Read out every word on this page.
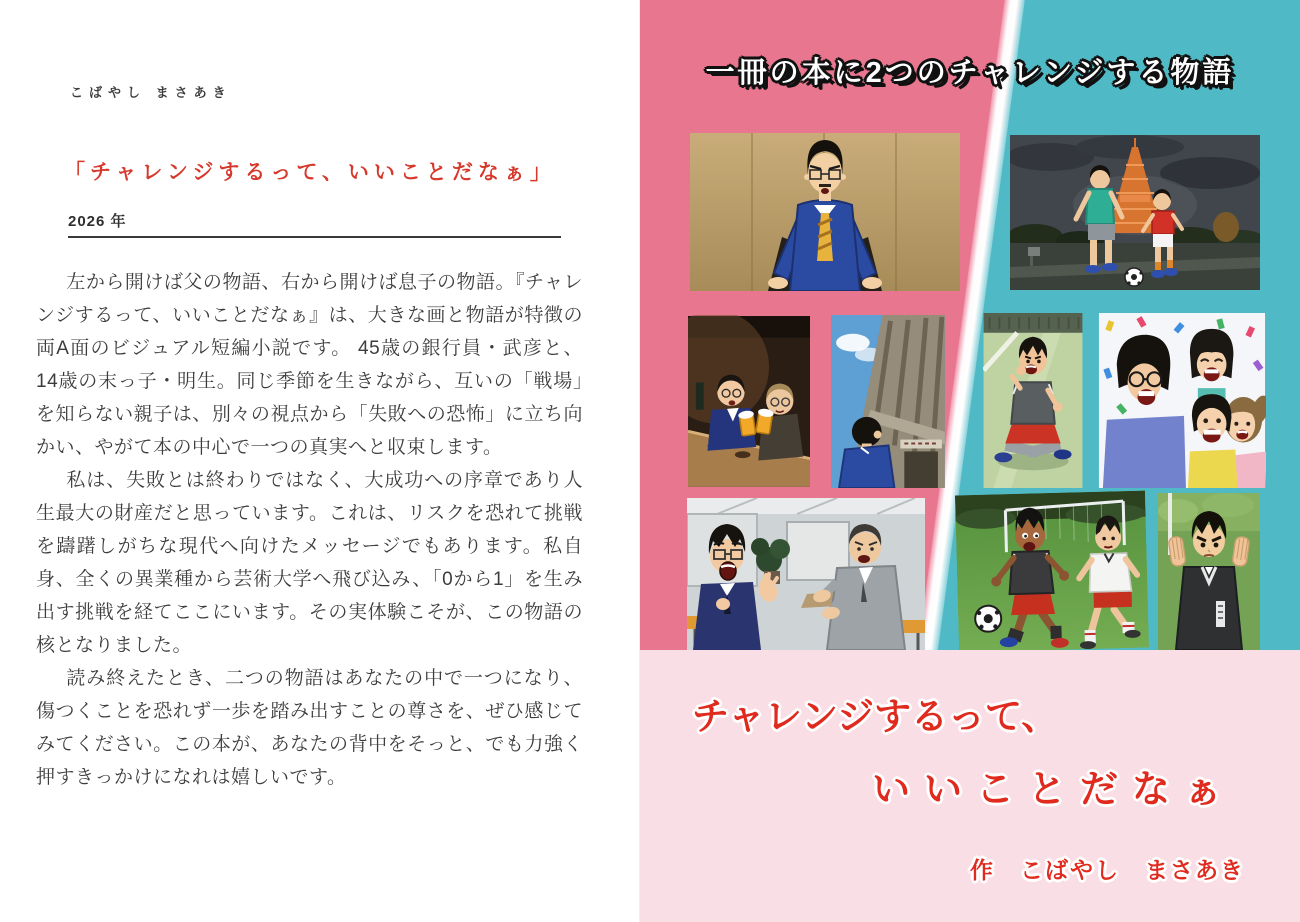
こばやし まさあき
「チャレンジするって、いいことだなぁ」
2026 年

左から開けば父の物語、右から開けば息子の物語。『チャレンジするって、いいことだなぁ』は、大きな画と物語が特徴の両A面のビジュアル短編小説です。 45歳の銀行員・武彦と、14歳の末っ子・明生。同じ季節を生きながら、互いの「戦場」を知らない親子は、別々の視点から「失敗への恐怖」に立ち向かい、やがて本の中心で一つの真実へと収束します。

私は、失敗とは終わりではなく、大成功への序章であり人生最大の財産だと思っています。これは、リスクを恐れて挑戦を躊躇しがちな現代へ向けたメッセージでもあります。私自身、全くの異業種から芸術大学へ飛び込み、「0から1」を生み出す挑戦を経てここにいます。その実体験こそが、この物語の核となりました。

読み終えたとき、二つの物語はあなたの中で一つになり、傷つくことを恐れず一歩を踏み出すことの尊さを、ぜひ感じてみてください。この本が、あなたの背中をそっと、でも力強く押すきっかけになれは嬉しいです。

一冊の本に2つのチャレンジする物語
チャレンジするって、
いいことだなぁ
作　こばやし　まさあき
